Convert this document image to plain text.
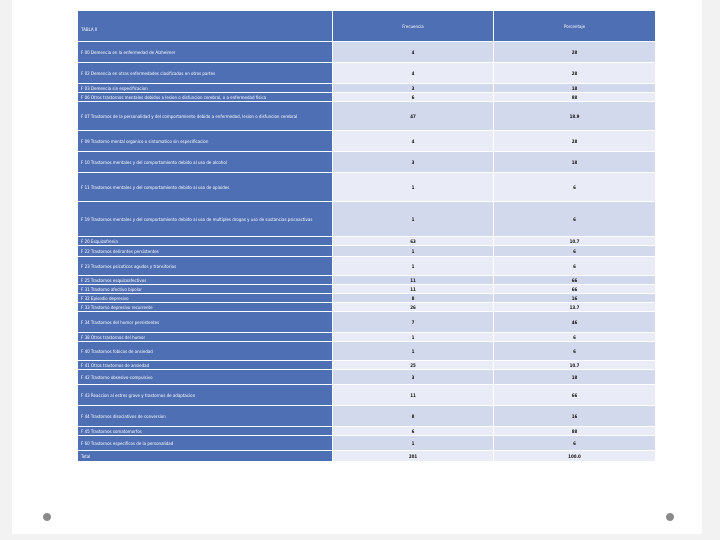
TABLA II	Frecuencia	Porcentaje
F 00 Demencia en la enfermedad de Alzheimer	4	28
F 02 Demencia en otras enfermedades clasificadas en otros partes	4	28
F 03 Demencia sin especificacion	3	18
F 06 Otros trastornos mentales debidos a lesion o disfuncion cerebral, o a enfermedad fisica	6	88
F 07 Trastornos de la personalidad y del comportamiento debido a enfermedad, lesion o disfuncion cerebral	47	18.9
F 09 Trastorno mental organico o sintomatico sin especificacion	4	28
F 10 Trastornos mentales y del comportamiento debido al uso de alcohol	3	18
F 11 Trastornos mentales y del comportamiento debido al uso de opioides	1	6
F 19 Trastornos mentales y del comportamiento debido al uso de multiples drogas y uso de sustancias psicoactivas	1	6
F 20 Esquizofrenia	63	10.7
F 22 Trastornos delirantes persistentes	1	6
F 23 Trastornos psicoticos agudos y transitorios	1	6
F 25 Trastornos esquizoafectivos	11	66
F 31 Trastorno afectivo bipolar	11	66
F 32 Episodio depresivo	8	16
F 33 Trastorno depresivo recurrente	26	13.7
F 34 Trastornos del humor persistentes	7	46
F 38 Otros trastornos del humor	1	6
F 40 Trastornos fobicos de ansiedad	1	6
F 41 Otros trastornos de ansiedad	25	10.7
F 42 Trastorno obsesivo-compulsivo	3	18
F 43 Reaccion al estres grave y trastornos de adaptacion	11	66
F 44 Trastornos disociativos de conversion	8	16
F 45 Trastornos somatomorfos	6	88
F 60 Trastornos especificos de la personalidad	1	6
Total	201	100.0
